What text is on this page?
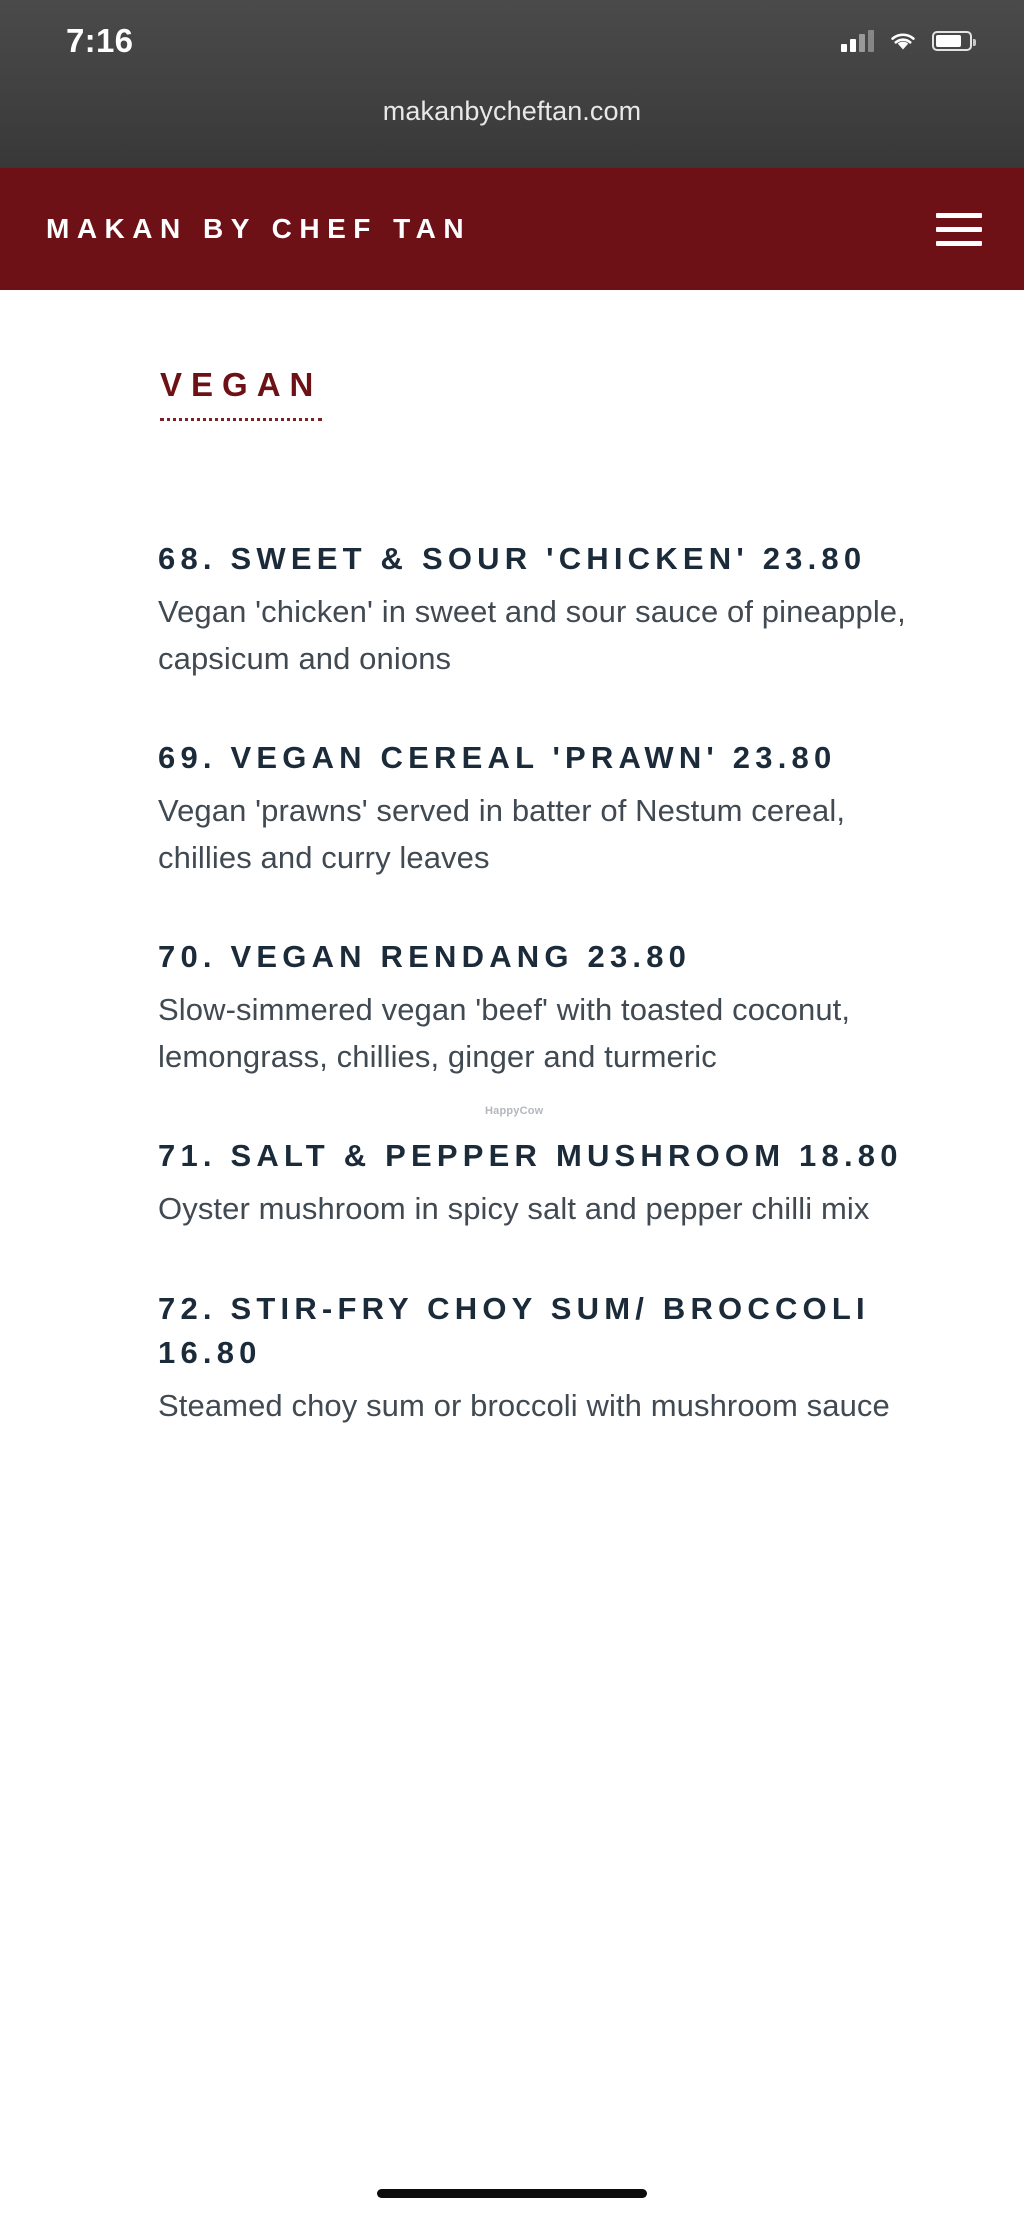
7:16
makanbycheftan.com
MAKAN BY CHEF TAN
VEGAN

68. SWEET & SOUR 'CHICKEN' 23.80

Vegan 'chicken' in sweet and sour sauce of pineapple, capsicum and onions

69. VEGAN CEREAL 'PRAWN' 23.80

Vegan 'prawns' served in batter of Nestum cereal, chillies and curry leaves

70. VEGAN RENDANG 23.80

Slow-simmered vegan 'beef' with toasted coconut, lemongrass, chillies, ginger and turmeric

71. SALT & PEPPER MUSHROOM 18.80

Oyster mushroom in spicy salt and pepper chilli mix

72. STIR-FRY CHOY SUM/ BROCCOLI 16.80

Steamed choy sum or broccoli with mushroom sauce

HappyCow
